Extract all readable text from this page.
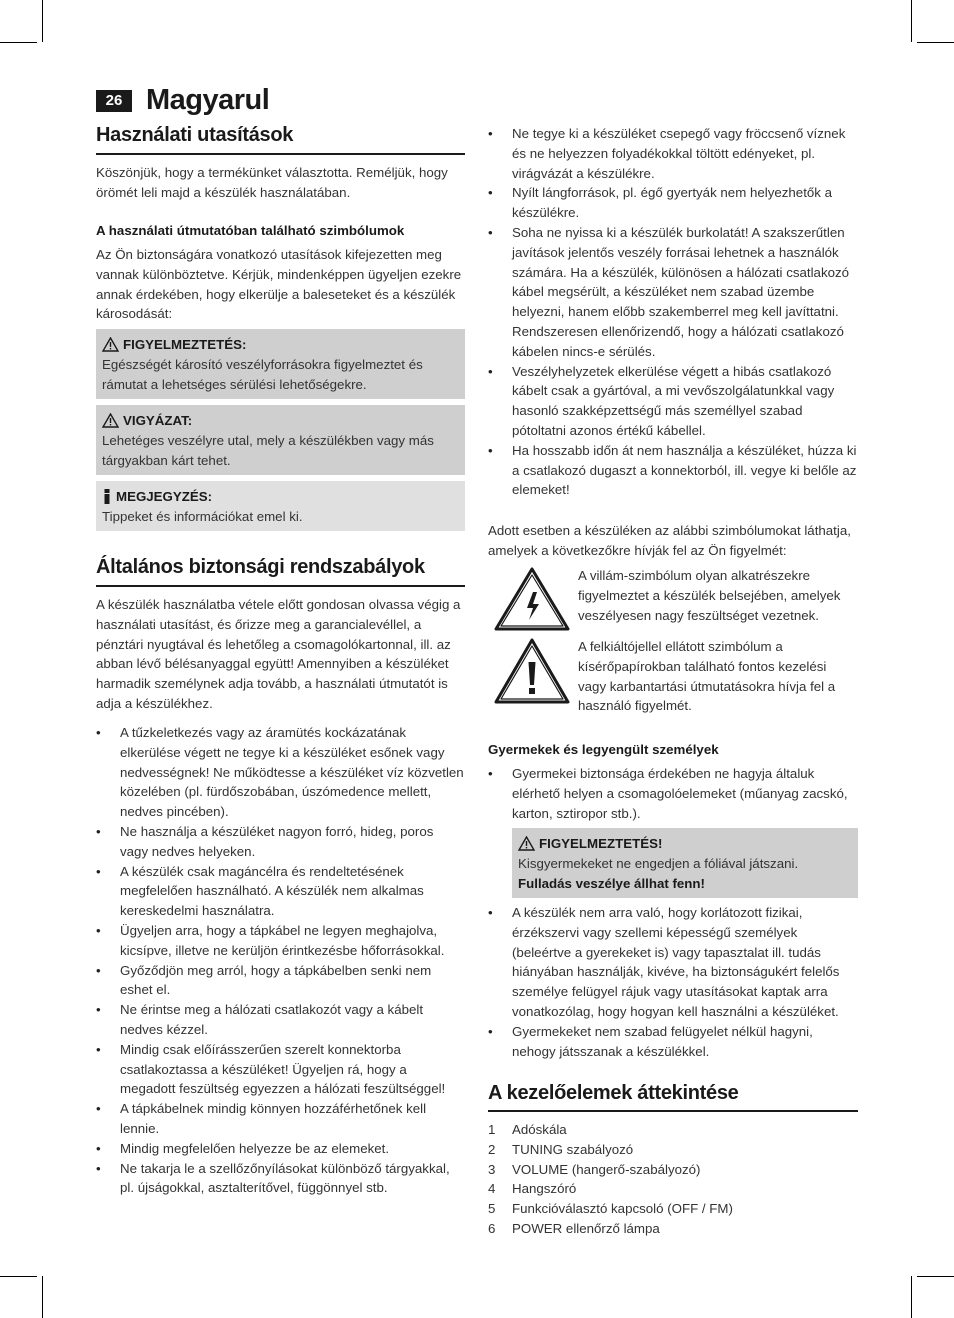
26 Magyarul
Használati utasítások
Köszönjük, hogy a termékünket választotta. Reméljük, hogy örömét leli majd a készülék használatában.
A használati útmutatóban található szimbólumok
Az Ön biztonságára vonatkozó utasítások kifejezetten meg vannak különböztetve. Kérjük, mindenképpen ügyeljen ezekre annak érdekében, hogy elkerülje a baleseteket és a készülék károsodását:
FIGYELMEZTETÉS:
Egészségét károsító veszélyforrásokra figyelmeztet és rámutat a lehetséges sérülési lehetőségekre.
VIGYÁZAT:
Lehetéges veszélyre utal, mely a készülékben vagy más tárgyakban kárt tehet.
MEGJEGYZÉS:
Tippeket és információkat emel ki.
Általános biztonsági rendszabályok
A készülék használatba vétele előtt gondosan olvassa végig a használati utasítást, és őrizze meg a garancialevéllel, a pénztári nyugtával és lehetőleg a csomagolókartonnal, ill. az abban lévő bélésanyaggal együtt! Amennyiben a készüléket harmadik személynek adja tovább, a használati útmutatót is adja a készülékhez.
• A tűzkeletkezés vagy az áramütés kockázatának elkerülése végett ne tegye ki a készüléket esőnek vagy nedvességnek! Ne működtesse a készüléket víz közvetlen közelében (pl. fürdőszobában, úszómedence mellett, nedves pincében).
• Ne használja a készüléket nagyon forró, hideg, poros vagy nedves helyeken.
• A készülék csak magáncélra és rendeltetésének megfelelően használható. A készülék nem alkalmas kereskedelmi használatra.
• Ügyeljen arra, hogy a tápkábel ne legyen meghajolva, kicsípve, illetve ne kerüljön érintkezésbe hőforrásokkal.
• Győződjön meg arról, hogy a tápkábelben senki nem eshet el.
• Ne érintse meg a hálózati csatlakozót vagy a kábelt nedves kézzel.
• Mindig csak előírásszerűen szerelt konnektorba csatlakoztassa a készüléket! Ügyeljen rá, hogy a megadott feszültség egyezzen a hálózati feszültséggel!
• A tápkábelnek mindig könnyen hozzáférhetőnek kell lennie.
• Mindig megfelelően helyezze be az elemeket.
• Ne takarja le a szellőzőnyílásokat különböző tárgyakkal, pl. újságokkal, asztalterítővel, függönnyel stb.
• Ne tegye ki a készüléket csepegő vagy fröccsenő víznek és ne helyezzen folyadékokkal töltött edényeket, pl. virágvázát a készülékre.
• Nyílt lángforrások, pl. égő gyertyák nem helyezhetők a készülékre.
• Soha ne nyissa ki a készülék burkolatát! A szakszerűtlen javítások jelentős veszély forrásai lehetnek a használók számára. Ha a készülék, különösen a hálózati csatlakozó kábel megsérült, a készüléket nem szabad üzembe helyezni, hanem előbb szakemberrel meg kell javíttatni. Rendszeresen ellenőrizendő, hogy a hálózati csatlakozó kábelen nincs-e sérülés.
• Veszélyhelyzetek elkerülése végett a hibás csatlakozó kábelt csak a gyártóval, a mi vevőszolgálatunkkal vagy hasonló szakképzettségű más személlyel szabad pótoltatni azonos értékű kábellel.
• Ha hosszabb időn át nem használja a készüléket, húzza ki a csatlakozó dugaszt a konnektorból, ill. vegye ki belőle az elemeket!
Adott esetben a készüléken az alábbi szimbólumokat láthatja, amelyek a következőkre hívják fel az Ön figyelmét:
A villám-szimbólum olyan alkatrészekre figyelmeztet a készülék belsejében, amelyek veszélyesen nagy feszültséget vezetnek.
A felkiáltójellel ellátott szimbólum a kísérőpapírokban található fontos kezelési vagy karbantartási útmutatásokra hívja fel a használó figyelmét.
Gyermekek és legyengült személyek
• Gyermekei biztonsága érdekében ne hagyja általuk elérhető helyen a csomagolóelemeket (műanyag zacskó, karton, sztiropor stb.).
FIGYELMEZTETÉS!
Kisgyermekeket ne engedjen a fóliával játszani. Fulladás veszélye állhat fenn!
• A készülék nem arra való, hogy korlátozott fizikai, érzékszervi vagy szellemi képességű személyek (beleértve a gyerekeket is) vagy tapasztalat ill. tudás hiányában használják, kivéve, ha biztonságukért felelős személye felügyel rájuk vagy utasításokat kaptak arra vonatkozólag, hogy hogyan kell használni a készüléket.
• Gyermekeket nem szabad felügyelet nélkül hagyni, nehogy játsszanak a készülékkel.
A kezelőelemek áttekintése
1 Adóskála
2 TUNING szabályozó
3 VOLUME (hangerő-szabályozó)
4 Hangszóró
5 Funkcióválasztó kapcsoló (OFF / FM)
6 POWER ellenőrző lámpa
